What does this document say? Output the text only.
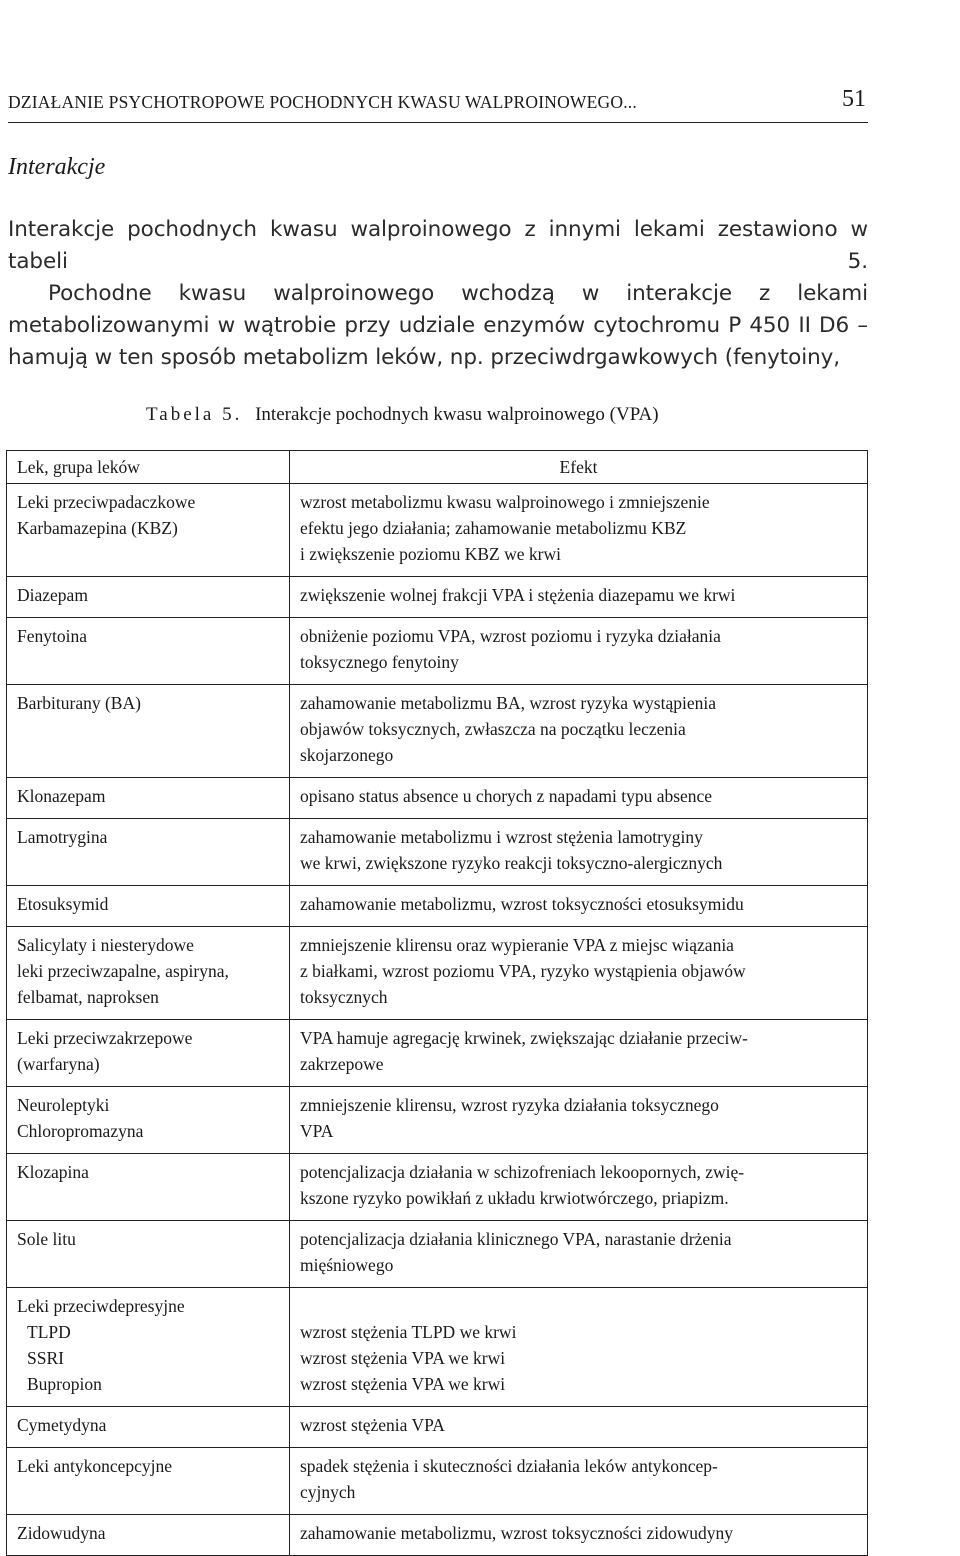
DZIAŁANIE PSYCHOTROPOWE POCHODNYCH KWASU WALPROINOWEGO...	51
Interakcje

Interakcje pochodnych kwasu walproinowego z innymi lekami zestawiono w tabeli 5.

Pochodne kwasu walproinowego wchodzą w interakcje z lekami metabolizowanymi w wątrobie przy udziale enzymów cytochromu P 450 II D6 – hamują w ten sposób metabolizm leków, np. przeciwdrgawkowych (fenytoiny,

Tabela 5. Interakcje pochodnych kwasu walproinowego (VPA)
Lek, grupa leków	Efekt

Leki przeciwpadaczkowe
Karbamazepina (KBZ)	wzrost metabolizmu kwasu walproinowego i zmniejszenie
efektu jego działania; zahamowanie metabolizmu KBZ
i zwiększenie poziomu KBZ we krwi

Diazepam	zwiększenie wolnej frakcji VPA i stężenia diazepamu we krwi

Fenytoina	obniżenie poziomu VPA, wzrost poziomu i ryzyka działania
toksycznego fenytoiny

Barbiturany (BA)	zahamowanie metabolizmu BA, wzrost ryzyka wystąpienia
objawów toksycznych, zwłaszcza na początku leczenia
skojarzonego

Klonazepam	opisano status absence u chorych z napadami typu absence

Lamotrygina	zahamowanie metabolizmu i wzrost stężenia lamotryginy
we krwi, zwiększone ryzyko reakcji toksyczno-alergicznych

Etosuksymid	zahamowanie metabolizmu, wzrost toksyczności etosuksymidu

Salicylaty i niesterydowe
leki przeciwzapalne, aspiryna,
felbamat, naproksen	zmniejszenie klirensu oraz wypieranie VPA z miejsc wiązania
z białkami, wzrost poziomu VPA, ryzyko wystąpienia objawów
toksycznych

Leki przeciwzakrzepowe
(warfaryna)	VPA hamuje agregację krwinek, zwiększając działanie przeciw-
zakrzepowe

Neuroleptyki
Chloropromazyna	zmniejszenie klirensu, wzrost ryzyka działania toksycznego
VPA

Klozapina	potencjalizacja działania w schizofreniach lekoopornych, zwię-
kszone ryzyko powikłań z układu krwiotwórczego, priapizm.

Sole litu	potencjalizacja działania klinicznego VPA, narastanie drżenia
mięśniowego

Leki przeciwdepresyjne
TLPD
SSRI
Bupropion	wzrost stężenia TLPD we krwi
wzrost stężenia VPA we krwi
wzrost stężenia VPA we krwi

Cymetydyna	wzrost stężenia VPA

Leki antykoncepcyjne	spadek stężenia i skuteczności działania leków antykoncep-
cyjnych

Zidowudyna	zahamowanie metabolizmu, wzrost toksyczności zidowudyny
